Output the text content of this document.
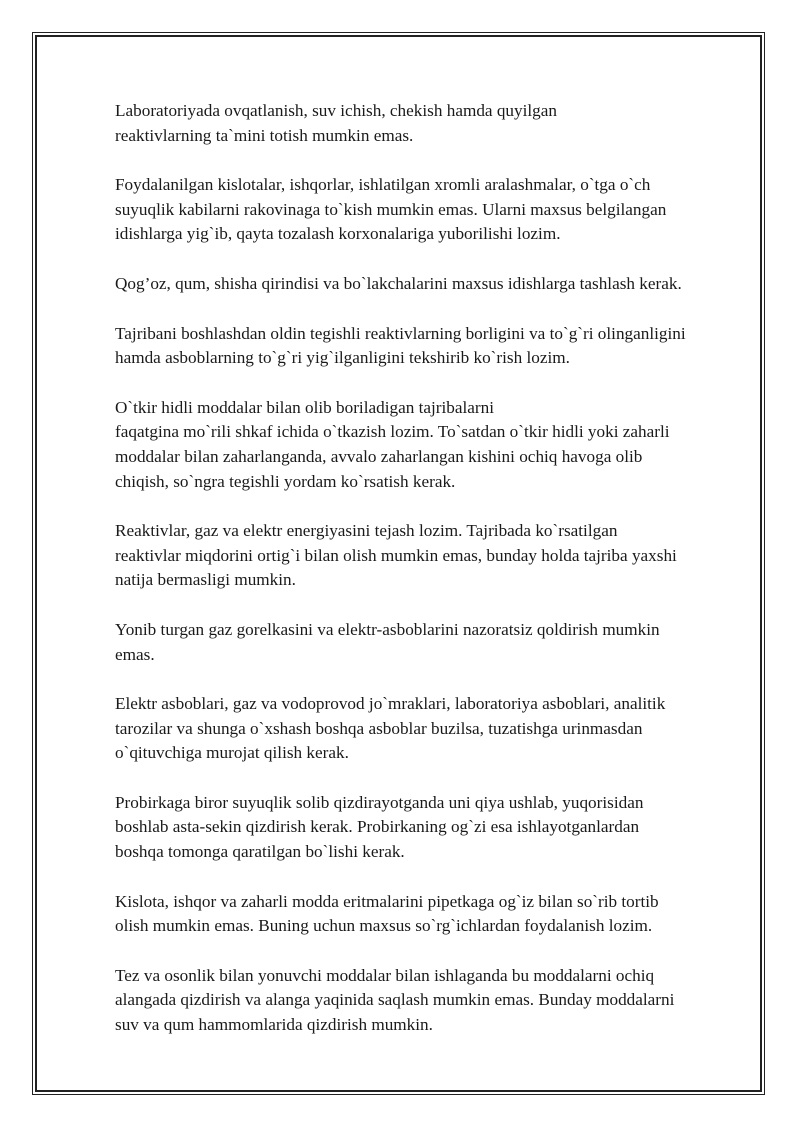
Laboratoriyada ovqatlanish, suv ichish, chekish hamda quyilgan
reaktivlarning ta`mini totish mumkin emas.

Foydalanilgan kislotalar, ishqorlar, ishlatilgan xromli aralashmalar, o`tga o`ch
suyuqlik kabilarni rakovinaga to`kish mumkin emas. Ularni maxsus belgilangan
idishlarga yig`ib, qayta tozalash korxonalariga yuborilishi lozim.

Qog’oz, qum, shisha qirindisi va bo`lakchalarini maxsus idishlarga tashlash kerak.

Tajribani boshlashdan oldin tegishli reaktivlarning borligini va to`g`ri olinganligini
hamda asboblarning to`g`ri yig`ilganligini tekshirib ko`rish lozim.

O`tkir hidli moddalar bilan olib boriladigan tajribalarni
faqatgina mo`rili shkaf ichida o`tkazish lozim. To`satdan o`tkir hidli yoki zaharli
moddalar bilan zaharlanganda, avvalo zaharlangan kishini ochiq havoga olib
chiqish, so`ngra tegishli yordam ko`rsatish kerak.

Reaktivlar, gaz va elektr energiyasini tejash lozim. Tajribada ko`rsatilgan
reaktivlar miqdorini ortig`i bilan olish mumkin emas, bunday holda tajriba yaxshi
natija bermasligi mumkin.

Yonib turgan gaz gorelkasini va elektr-asboblarini nazoratsiz qoldirish mumkin
emas.

Elektr asboblari, gaz va vodoprovod jo`mraklari, laboratoriya asboblari, analitik
tarozilar va shunga o`xshash boshqa asboblar buzilsa, tuzatishga urinmasdan
o`qituvchiga murojat qilish kerak.

Probirkaga biror suyuqlik solib qizdirayotganda uni qiya ushlab, yuqorisidan
boshlab asta-sekin qizdirish kerak. Probirkaning og`zi esa ishlayotganlardan
boshqa tomonga qaratilgan bo`lishi kerak.

Kislota, ishqor va zaharli modda eritmalarini pipetkaga og`iz bilan so`rib tortib
olish mumkin emas. Buning uchun maxsus so`rg`ichlardan foydalanish lozim.

Tez va osonlik bilan yonuvchi moddalar bilan ishlaganda bu moddalarni ochiq
alangada qizdirish va alanga yaqinida saqlash mumkin emas. Bunday moddalarni
suv va qum hammomlarida qizdirish mumkin.
